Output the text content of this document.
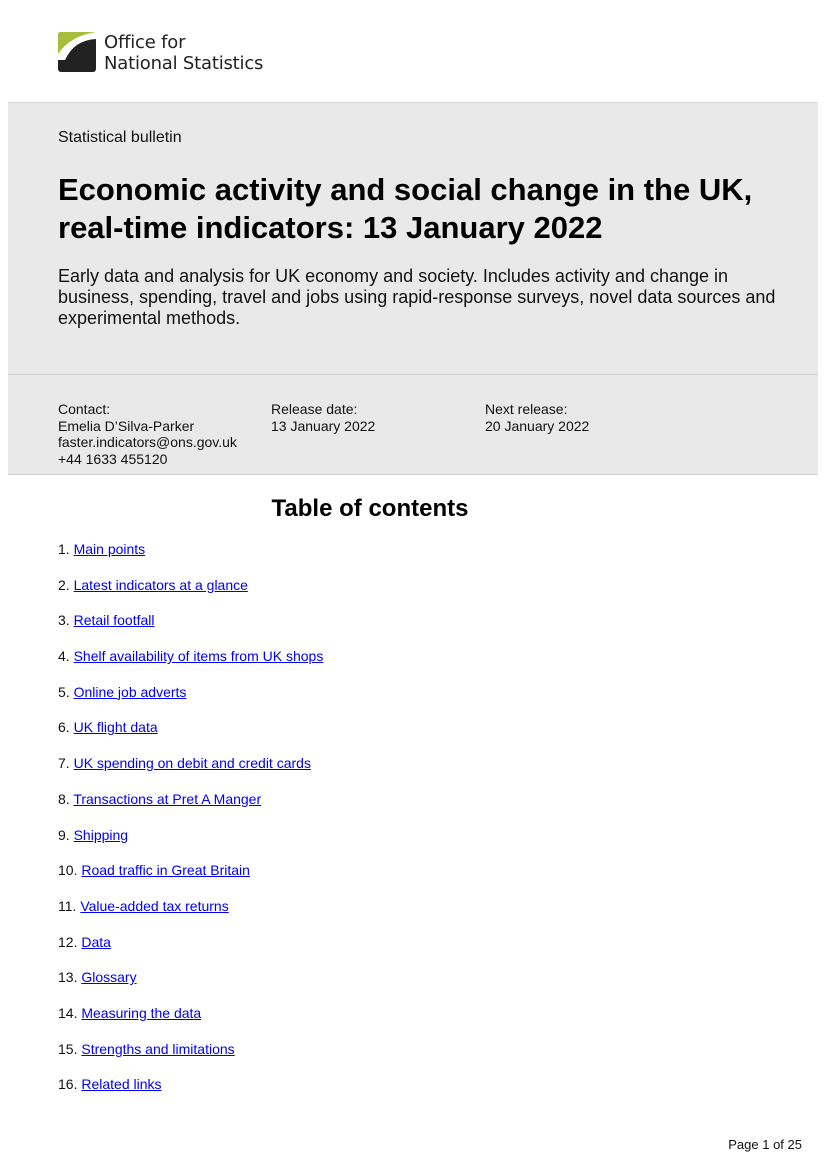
Office for
National Statistics
Statistical bulletin
Economic activity and social change in the UK, real-time indicators: 13 January 2022

Early data and analysis for UK economy and society. Includes activity and change in business, spending, travel and jobs using rapid-response surveys, novel data sources and experimental methods.

Contact:
Emelia D’Silva-Parker
faster.indicators@ons.gov.uk
+44 1633 455120
Release date:
13 January 2022
Next release:
20 January 2022
Table of contents
1. Main points
2. Latest indicators at a glance
3. Retail footfall
4. Shelf availability of items from UK shops
5. Online job adverts
6. UK flight data
7. UK spending on debit and credit cards
8. Transactions at Pret A Manger
9. Shipping
10. Road traffic in Great Britain
11. Value-added tax returns
12. Data
13. Glossary
14. Measuring the data
15. Strengths and limitations
16. Related links
Page 1 of 25
